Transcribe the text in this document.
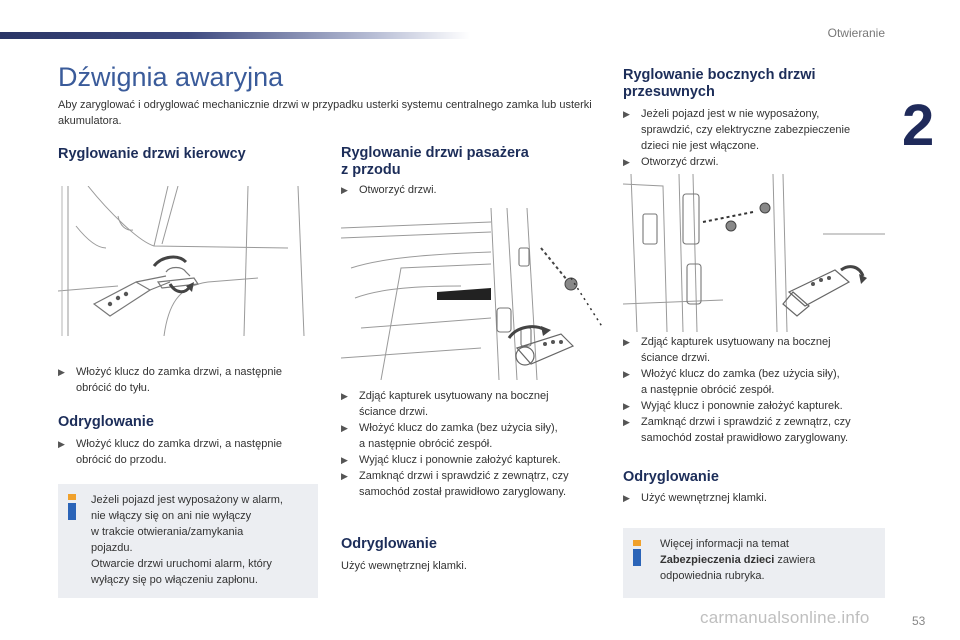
Otwieranie
2
53
carmanualsonline.info
Dźwignia awaryjna

Aby zaryglować i odryglować mechanicznie drzwi w przypadku usterki systemu centralnego zamka lub usterki akumulatora.

Ryglowanie drzwi kierowcy
▶	Włożyć klucz do zamka drzwi, a następnie obrócić do tyłu.
Odryglowanie
▶	Włożyć klucz do zamka drzwi, a następnie obrócić do przodu.
Jeżeli pojazd jest wyposażony w alarm,
nie włączy się on ani nie wyłączy
w trakcie otwierania/zamykania
pojazdu.
Otwarcie drzwi uruchomi alarm, który
wyłączy się po włączeniu zapłonu.
Ryglowanie drzwi pasażera
z przodu
▶	Otworzyć drzwi.
▶	Zdjąć kapturek usytuowany na bocznej
ściance drzwi.
▶	Włożyć klucz do zamka (bez użycia siły),
a następnie obrócić zespół.
▶	Wyjąć klucz i ponownie założyć kapturek.
▶	Zamknąć drzwi i sprawdzić z zewnątrz, czy
samochód został prawidłowo zaryglowany.
Odryglowanie
Użyć wewnętrznej klamki.
Ryglowanie bocznych drzwi
przesuwnych
▶	Jeżeli pojazd jest w nie wyposażony,
sprawdzić, czy elektryczne zabezpieczenie
dzieci nie jest włączone.
▶	Otworzyć drzwi.
▶	Zdjąć kapturek usytuowany na bocznej
ściance drzwi.
▶	Włożyć klucz do zamka (bez użycia siły),
a następnie obrócić zespół.
▶	Wyjąć klucz i ponownie założyć kapturek.
▶	Zamknąć drzwi i sprawdzić z zewnątrz, czy
samochód został prawidłowo zaryglowany.
Odryglowanie
▶	Użyć wewnętrznej klamki.
Więcej informacji na temat
Zabezpieczenia dzieci zawiera
odpowiednia rubryka.
